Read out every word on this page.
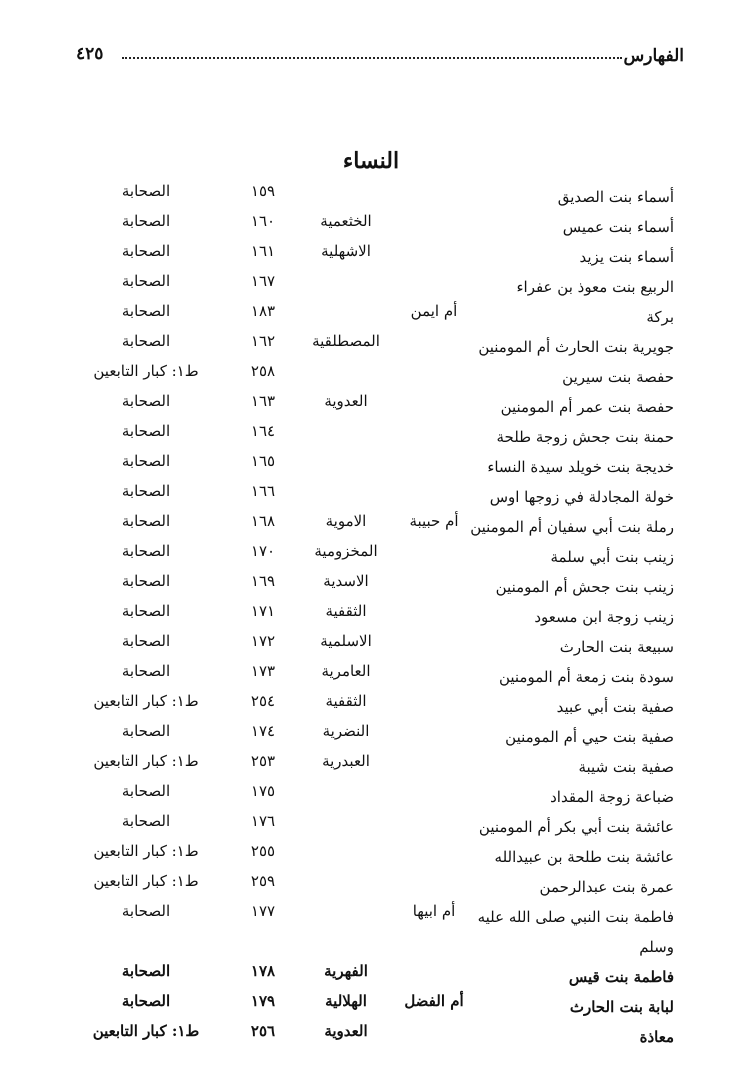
الفهارس
٤٢٥
النساء
أسماء بنت الصديق
١٥٩
الصحابة
أسماء بنت عميس
الخثعمية
١٦٠
الصحابة
أسماء بنت يزيد
الاشهلية
١٦١
الصحابة
الربيع بنت معوذ بن عفراء
١٦٧
الصحابة
بركة
أم ايمن
١٨٣
الصحابة
جويرية بنت الحارث أم المومنين
المصطلقية
١٦٢
الصحابة
حفصة بنت سيرين
٢٥٨
ط١: كبار التابعين
حفصة بنت عمر أم المومنين
العدوية
١٦٣
الصحابة
حمنة بنت جحش زوجة طلحة
١٦٤
الصحابة
خديجة بنت خويلد سيدة النساء
١٦٥
الصحابة
خولة المجادلة في زوجها اوس
١٦٦
الصحابة
رملة بنت أبي سفيان أم المومنين
أم حبيبة
الاموية
١٦٨
الصحابة
زينب بنت أبي سلمة
المخزومية
١٧٠
الصحابة
زينب بنت جحش أم المومنين
الاسدية
١٦٩
الصحابة
زينب زوجة ابن مسعود
الثقفية
١٧١
الصحابة
سبيعة بنت الحارث
الاسلمية
١٧٢
الصحابة
سودة بنت زمعة أم المومنين
العامرية
١٧٣
الصحابة
صفية بنت أبي عبيد
الثقفية
٢٥٤
ط١: كبار التابعين
صفية بنت حيي أم المومنين
النضرية
١٧٤
الصحابة
صفية بنت شيبة
العبدرية
٢٥٣
ط١: كبار التابعين
ضباعة زوجة المقداد
١٧٥
الصحابة
عائشة بنت أبي بكر أم المومنين
١٧٦
الصحابة
عائشة بنت طلحة بن عبيدالله
٢٥٥
ط١: كبار التابعين
عمرة بنت عبدالرحمن
٢٥٩
ط١: كبار التابعين
فاطمة بنت النبي صلى الله عليه
أم ابيها
١٧٧
الصحابة
وسلم
فاطمة بنت قيس
الفهرية
١٧٨
الصحابة
لبابة بنت الحارث
أم الفضل
الهلالية
١٧٩
الصحابة
معاذة
العدوية
٢٥٦
ط١: كبار التابعين
